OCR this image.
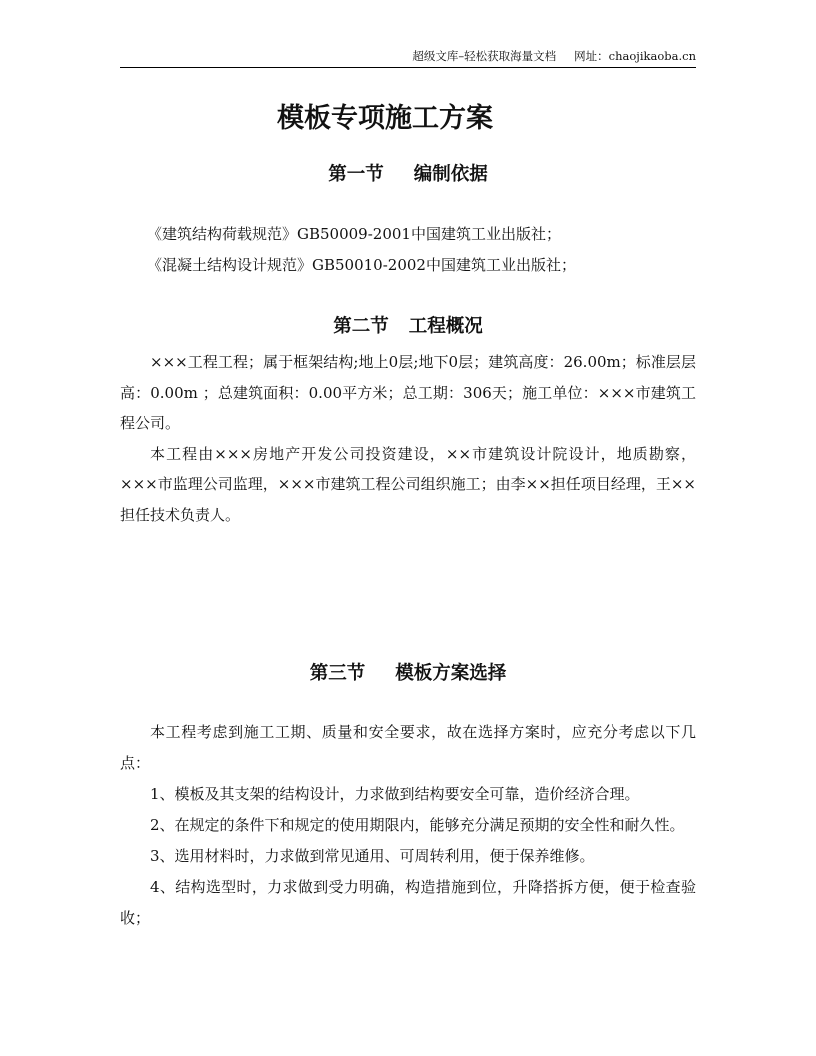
超级文库–轻松获取海量文档 网址：chaojikaoba.cn
模板专项施工方案
第一节 编制依据

《建筑结构荷载规范》GB50009-2001中国建筑工业出版社；

《混凝土结构设计规范》GB50010-2002中国建筑工业出版社；

第二节 工程概况

×××工程工程；属于框架结构;地上0层;地下0层；建筑高度：26.00m；标准层层高：0.00m ；总建筑面积：0.00平方米；总工期：306天；施工单位：×××市建筑工程公司。

本工程由×××房地产开发公司投资建设，××市建筑设计院设计，地质勘察，×××市监理公司监理，×××市建筑工程公司组织施工；由李××担任项目经理，王××担任技术负责人。

第三节 模板方案选择

本工程考虑到施工工期、质量和安全要求，故在选择方案时，应充分考虑以下几点：

1、模板及其支架的结构设计，力求做到结构要安全可靠，造价经济合理。

2、在规定的条件下和规定的使用期限内，能够充分满足预期的安全性和耐久性。

3、选用材料时，力求做到常见通用、可周转利用，便于保养维修。

4、结构选型时，力求做到受力明确，构造措施到位，升降搭拆方便，便于检查验收；
